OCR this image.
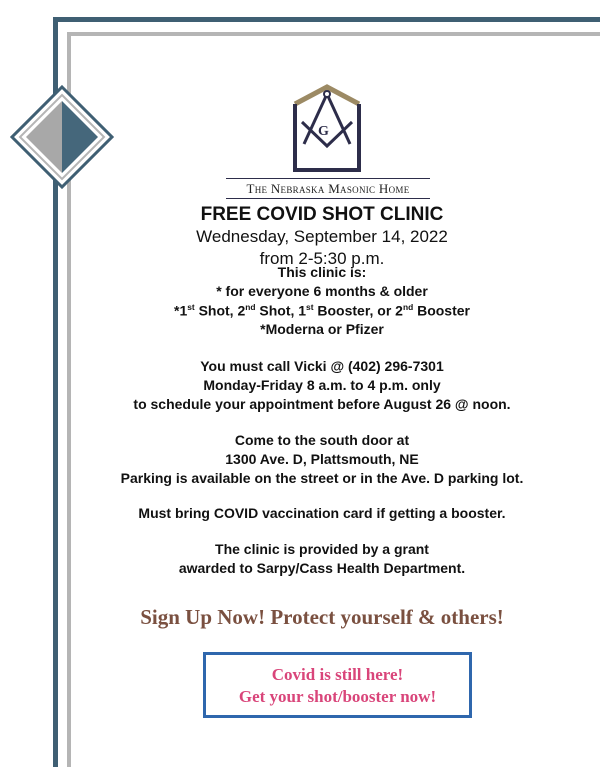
G
The Nebraska Masonic Home
FREE COVID SHOT CLINIC
Wednesday, September 14, 2022
from 2-5:30 p.m.
This clinic is:
* for everyone 6 months & older
*1st Shot, 2nd Shot, 1st Booster, or 2nd Booster
*Moderna or Pfizer
You must call Vicki @ (402) 296-7301
Monday-Friday 8 a.m. to 4 p.m. only
to schedule your appointment before August 26 @ noon.
Come to the south door at
1300 Ave. D, Plattsmouth, NE
Parking is available on the street or in the Ave. D parking lot.
Must bring COVID vaccination card if getting a booster.
The clinic is provided by a grant
awarded to Sarpy/Cass Health Department.
Sign Up Now! Protect yourself & others!
Covid is still here!
Get your shot/booster now!
